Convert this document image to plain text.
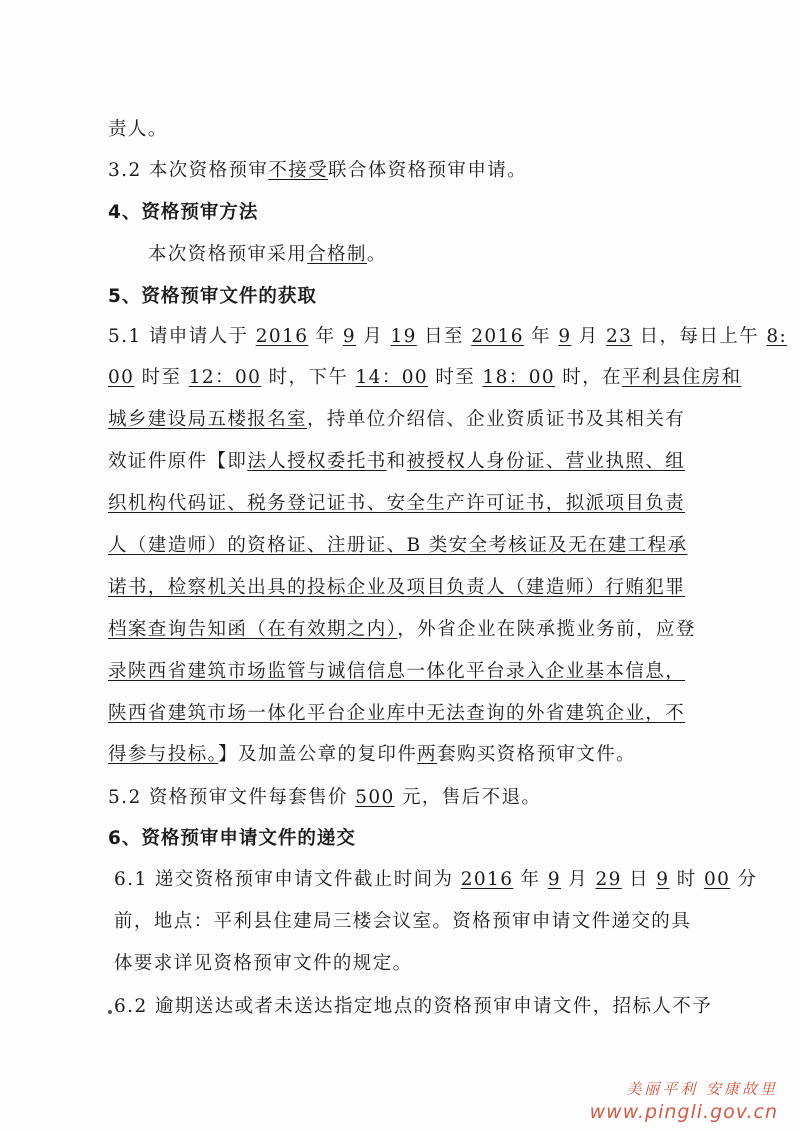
责人。
3.2 本次资格预审不接受联合体资格预审申请。
4、资格预审方法
本次资格预审采用合格制。
5、资格预审文件的获取
5.1 请申请人于 2016 年 9 月 19 日至 2016 年 9 月 23 日，每日上午 8:
00 时至 12：00 时，下午 14：00 时至 18：00 时，在平利县住房和
城乡建设局五楼报名室，持单位介绍信、企业资质证书及其相关有
效证件原件【即法人授权委托书和被授权人身份证、营业执照、组
织机构代码证、税务登记证书、安全生产许可证书，拟派项目负责
人（建造师）的资格证、注册证、B 类安全考核证及无在建工程承
诺书，检察机关出具的投标企业及项目负责人（建造师）行贿犯罪
档案查询告知函（在有效期之内），外省企业在陕承揽业务前，应登
录陕西省建筑市场监管与诚信信息一体化平台录入企业基本信息，
陕西省建筑市场一体化平台企业库中无法查询的外省建筑企业，不
得参与投标。】及加盖公章的复印件两套购买资格预审文件。
5.2 资格预审文件每套售价 500 元，售后不退。
6、资格预审申请文件的递交
6.1 递交资格预审申请文件截止时间为 2016 年 9 月 29 日 9 时 00 分
前，地点：平利县住建局三楼会议室。资格预审申请文件递交的具
体要求详见资格预审文件的规定。
6.2 逾期送达或者未送达指定地点的资格预审申请文件，招标人不予
美丽平利 安康故里
www.pingli.gov.cn
